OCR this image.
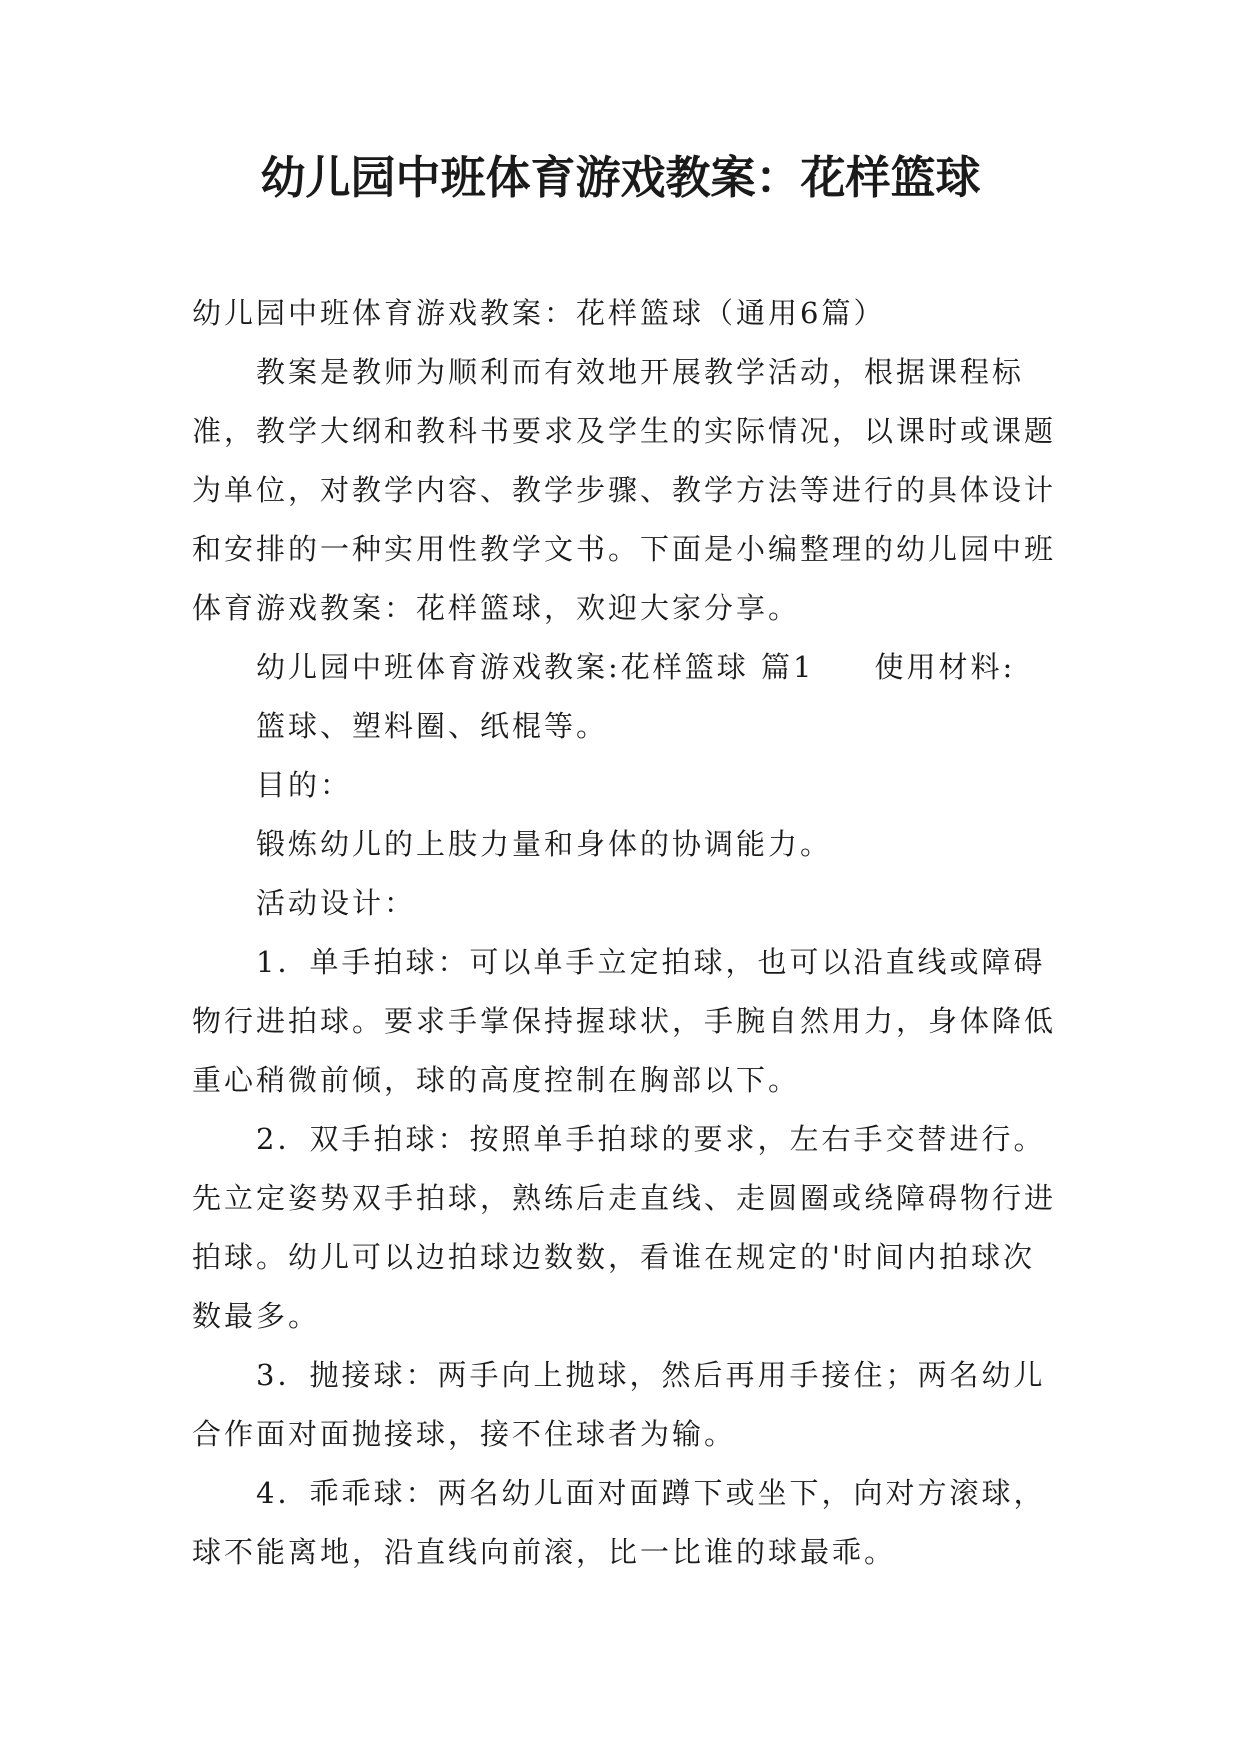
幼儿园中班体育游戏教案：花样篮球

幼儿园中班体育游戏教案：花样篮球（通用6篇）

教案是教师为顺利而有效地开展教学活动，根据课程标准，教学大纲和教科书要求及学生的实际情况，以课时或课题为单位，对教学内容、教学步骤、教学方法等进行的具体设计和安排的一种实用性教学文书。下面是小编整理的幼儿园中班体育游戏教案：花样篮球，欢迎大家分享。

幼儿园中班体育游戏教案:花样篮球 篇1 使用材料:

篮球、塑料圈、纸棍等。

目的：

锻炼幼儿的上肢力量和身体的协调能力。

活动设计：

1．单手拍球：可以单手立定拍球，也可以沿直线或障碍物行进拍球。要求手掌保持握球状，手腕自然用力，身体降低重心稍微前倾，球的高度控制在胸部以下。

2．双手拍球：按照单手拍球的要求，左右手交替进行。先立定姿势双手拍球，熟练后走直线、走圆圈或绕障碍物行进拍球。幼儿可以边拍球边数数，看谁在规定的'时间内拍球次数最多。

3．抛接球：两手向上抛球，然后再用手接住；两名幼儿合作面对面抛接球，接不住球者为输。

4．乖乖球：两名幼儿面对面蹲下或坐下，向对方滚球，球不能离地，沿直线向前滚，比一比谁的球最乖。
